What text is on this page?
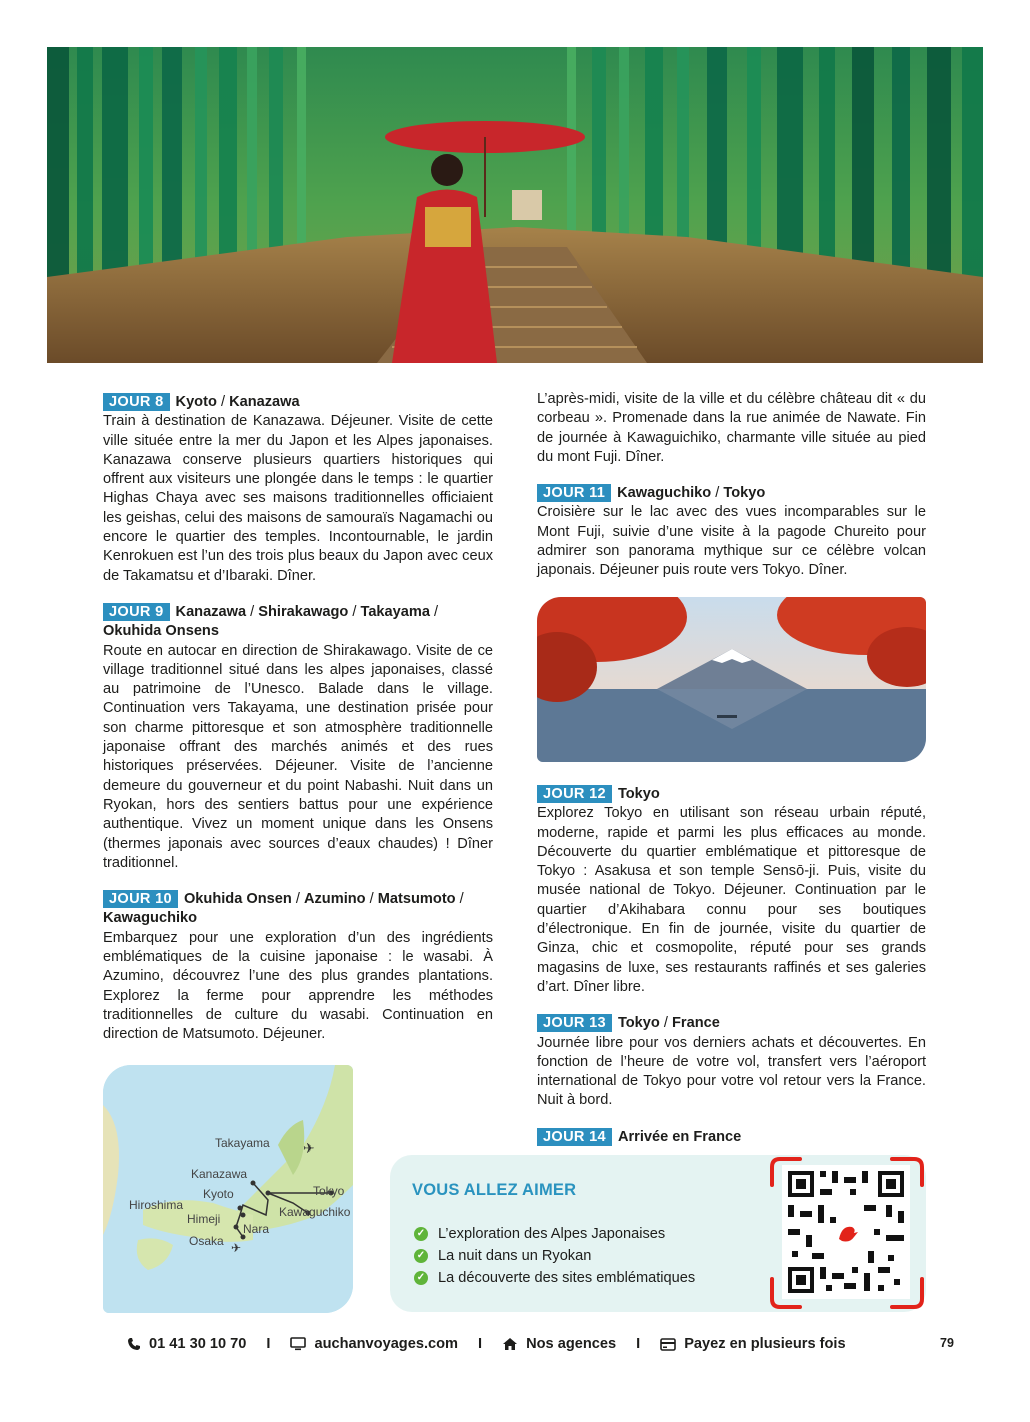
JOUR 8 Kyoto / Kanazawa

Train à destination de Kanazawa. Déjeuner. Visite de cette ville située entre la mer du Japon et les Alpes japonaises. Kanazawa conserve plusieurs quartiers historiques qui offrent aux visiteurs une plongée dans le temps : le quartier Highas Chaya avec ses maisons traditionnelles officiaient les geishas, celui des maisons de samouraïs Nagamachi ou encore le quartier des temples. Incontournable, le jardin Kenrokuen est l’un des trois plus beaux du Japon avec ceux de Takamatsu et d’Ibaraki. Dîner.

JOUR 9 Kanazawa / Shirakawago / Takayama /
Okuhida Onsens

Route en autocar en direction de Shirakawago. Visite de ce village traditionnel situé dans les alpes japonaises, classé au patrimoine de l’Unesco. Balade dans le village. Continuation vers Takayama, une destination prisée pour son charme pittoresque et son atmosphère traditionnelle japonaise offrant des marchés animés et des rues historiques préservées. Déjeuner. Visite de l’ancienne demeure du gouverneur et du point Nabashi. Nuit dans un Ryokan, hors des sentiers battus pour une expérience authentique. Vivez un moment unique dans les Onsens (thermes japonais avec sources d’eaux chaudes) ! Dîner traditionnel.

JOUR 10 Okuhida Onsen / Azumino / Matsumoto /
Kawaguchiko

Embarquez pour une exploration d’un des ingrédients emblématiques de la cuisine japonaise : le wasabi. À Azumino, découvrez l’une des plus grandes plantations. Explorez la ferme pour apprendre les méthodes traditionnelles de culture du wasabi. Continuation en direction de Matsumoto. Déjeuner.

L’après-midi, visite de la ville et du célèbre château dit « du corbeau ». Promenade dans la rue animée de Nawate. Fin de journée à Kawaguichiko, charmante ville située au pied du mont Fuji. Dîner.

JOUR 11 Kawaguchiko / Tokyo

Croisière sur le lac avec des vues incomparables sur le Mont Fuji, suivie d’une visite à la pagode Chureito pour admirer son panorama mythique sur ce célèbre volcan japonais. Déjeuner puis route vers Tokyo. Dîner.

JOUR 12 Tokyo

Explorez Tokyo en utilisant son réseau urbain réputé, moderne, rapide et parmi les plus efficaces au monde. Découverte du quartier emblématique et pittoresque de Tokyo : Asakusa et son temple Sensō-ji. Puis, visite du musée national de Tokyo. Déjeuner. Continuation par le quartier d’Akihabara connu pour ses boutiques d’électronique. En fin de journée, visite du quartier de Ginza, chic et cosmopolite, réputé pour ses grands magasins de luxe, ses restaurants raffinés et ses galeries d’art. Dîner libre.

JOUR 13 Tokyo / France

Journée libre pour vos derniers achats et découvertes. En fonction de l’heure de votre vol, transfert vers l’aéroport international de Tokyo pour votre vol retour vers la France. Nuit à bord.

JOUR 14 Arrivée en France
✈
✈
Takayama
Kanazawa
Kyoto
Hiroshima
Himeji
Nara
Osaka
Tokyo
Kawaguchiko
VOUS ALLEZ AIMER
✓ L’exploration des Alpes Japonaises
✓ La nuit dans un Ryokan
✓ La découverte des sites emblématiques
01 41 30 10 70 I	auchanvoyages.com I	Nos agences I	Payez en plusieurs fois	79
